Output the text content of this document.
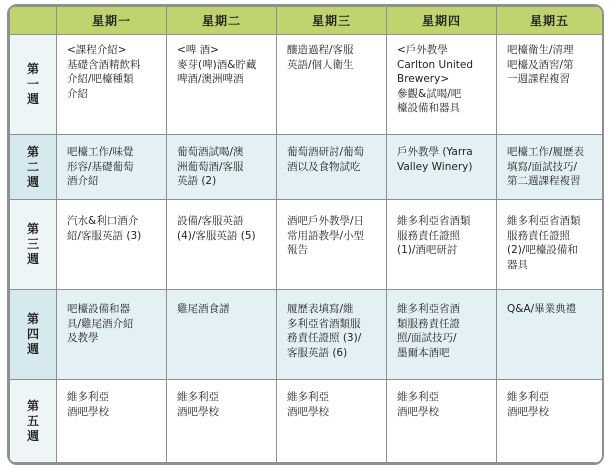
	星期一	星期二	星期三	星期四	星期五
第一週	<課程介紹>
基礎含酒精飲料
介紹/吧檯種類
介紹	<啤 酒>
麥芽(啤)酒&貯藏
啤酒/澳洲啤酒	釀造過程/客服
英語/個人衛生	<戶外教學
Carlton United
Brewery>
參觀&試喝/吧
檯設備和器具	吧檯衛生/清理
吧檯及酒窖/第
一週課程複習

第二週	吧檯工作/味覺
形容/基礎葡萄
酒介紹	葡萄酒試喝/澳
洲葡萄酒/客服
英語 (2)	葡萄酒研討/葡萄
酒以及食物試吃	戶外教學 (Yarra
Valley Winery)	吧檯工作/履歷表
填寫/面試技巧/
第二週課程複習

第三週	汽水&利口酒介
紹/客服英語 (3)	設備/客服英語
(4)/客服英語 (5)	酒吧戶外教學/日
常用語教學/小型
報告	維多利亞省酒類
服務責任證照
(1)/酒吧研討	維多利亞省酒類
服務責任證照
(2)/吧檯設備和
器具

第四週	吧檯設備和器
具/雞尾酒介紹
及教學	雞尾酒食譜	履歷表填寫/維
多利亞省酒類服
務責任證照 (3)/
客服英語 (6)	維多利亞省酒
類服務責任證
照/面試技巧/
墨爾本酒吧	Q&A/畢業典禮

第五週	維多利亞
酒吧學校	維多利亞
酒吧學校	維多利亞
酒吧學校	維多利亞
酒吧學校	維多利亞
酒吧學校
